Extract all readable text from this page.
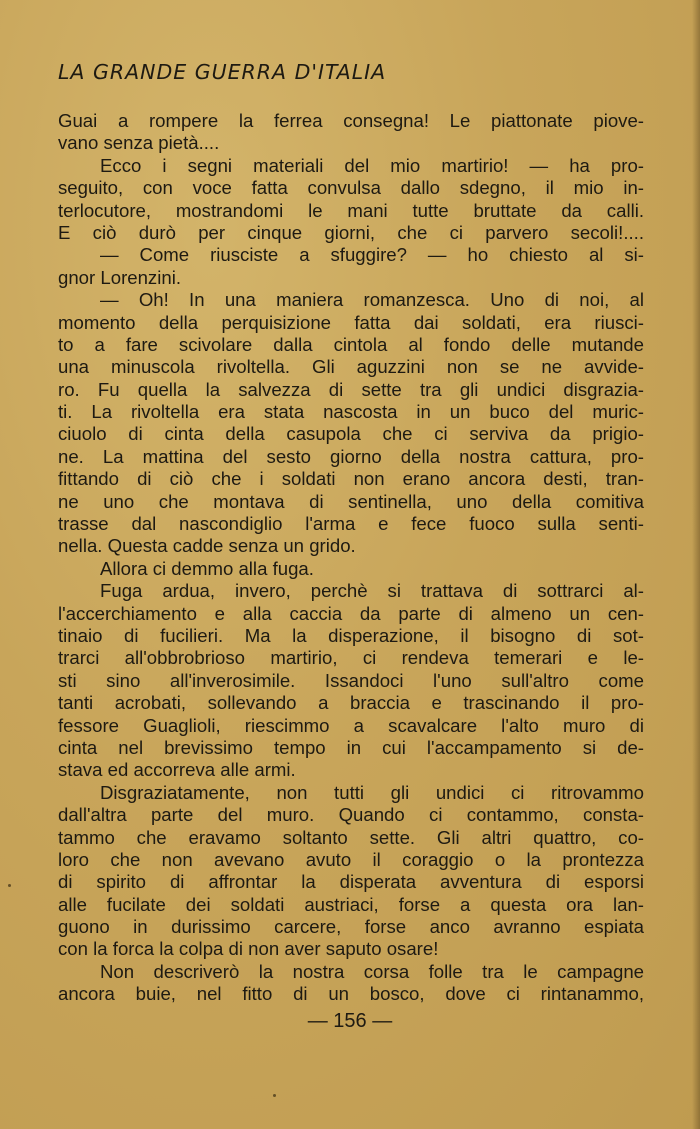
LA GRANDE GUERRA D'ITALIA
Guai a rompere la ferrea consegna! Le piattonate piove-
vano senza pietà....
Ecco i segni materiali del mio martirio! — ha pro-
seguito, con voce fatta convulsa dallo sdegno, il mio in-
terlocutore, mostrandomi le mani tutte bruttate da calli.
E ciò durò per cinque giorni, che ci parvero secoli!....
— Come riusciste a sfuggire? — ho chiesto al si-
gnor Lorenzini.
— Oh! In una maniera romanzesca. Uno di noi, al
momento della perquisizione fatta dai soldati, era riusci-
to a fare scivolare dalla cintola al fondo delle mutande
una minuscola rivoltella. Gli aguzzini non se ne avvide-
ro. Fu quella la salvezza di sette tra gli undici disgrazia-
ti. La rivoltella era stata nascosta in un buco del muric-
ciuolo di cinta della casupola che ci serviva da prigio-
ne. La mattina del sesto giorno della nostra cattura, pro-
fittando di ciò che i soldati non erano ancora desti, tran-
ne uno che montava di sentinella, uno della comitiva
trasse dal nascondiglio l'arma e fece fuoco sulla senti-
nella. Questa cadde senza un grido.
Allora ci demmo alla fuga.
Fuga ardua, invero, perchè si trattava di sottrarci al-
l'accerchiamento e alla caccia da parte di almeno un cen-
tinaio di fucilieri. Ma la disperazione, il bisogno di sot-
trarci all'obbrobrioso martirio, ci rendeva temerari e le-
sti sino all'inverosimile. Issandoci l'uno sull'altro come
tanti acrobati, sollevando a braccia e trascinando il pro-
fessore Guaglioli, riescimmo a scavalcare l'alto muro di
cinta nel brevissimo tempo in cui l'accampamento si de-
stava ed accorreva alle armi.
Disgraziatamente, non tutti gli undici ci ritrovammo
dall'altra parte del muro. Quando ci contammo, consta-
tammo che eravamo soltanto sette. Gli altri quattro, co-
loro che non avevano avuto il coraggio o la prontezza
di spirito di affrontar la disperata avventura di esporsi
alle fucilate dei soldati austriaci, forse a questa ora lan-
guono in durissimo carcere, forse anco avranno espiata
con la forca la colpa di non aver saputo osare!
Non descriverò la nostra corsa folle tra le campagne
ancora buie, nel fitto di un bosco, dove ci rintanammo,
— 156 —
